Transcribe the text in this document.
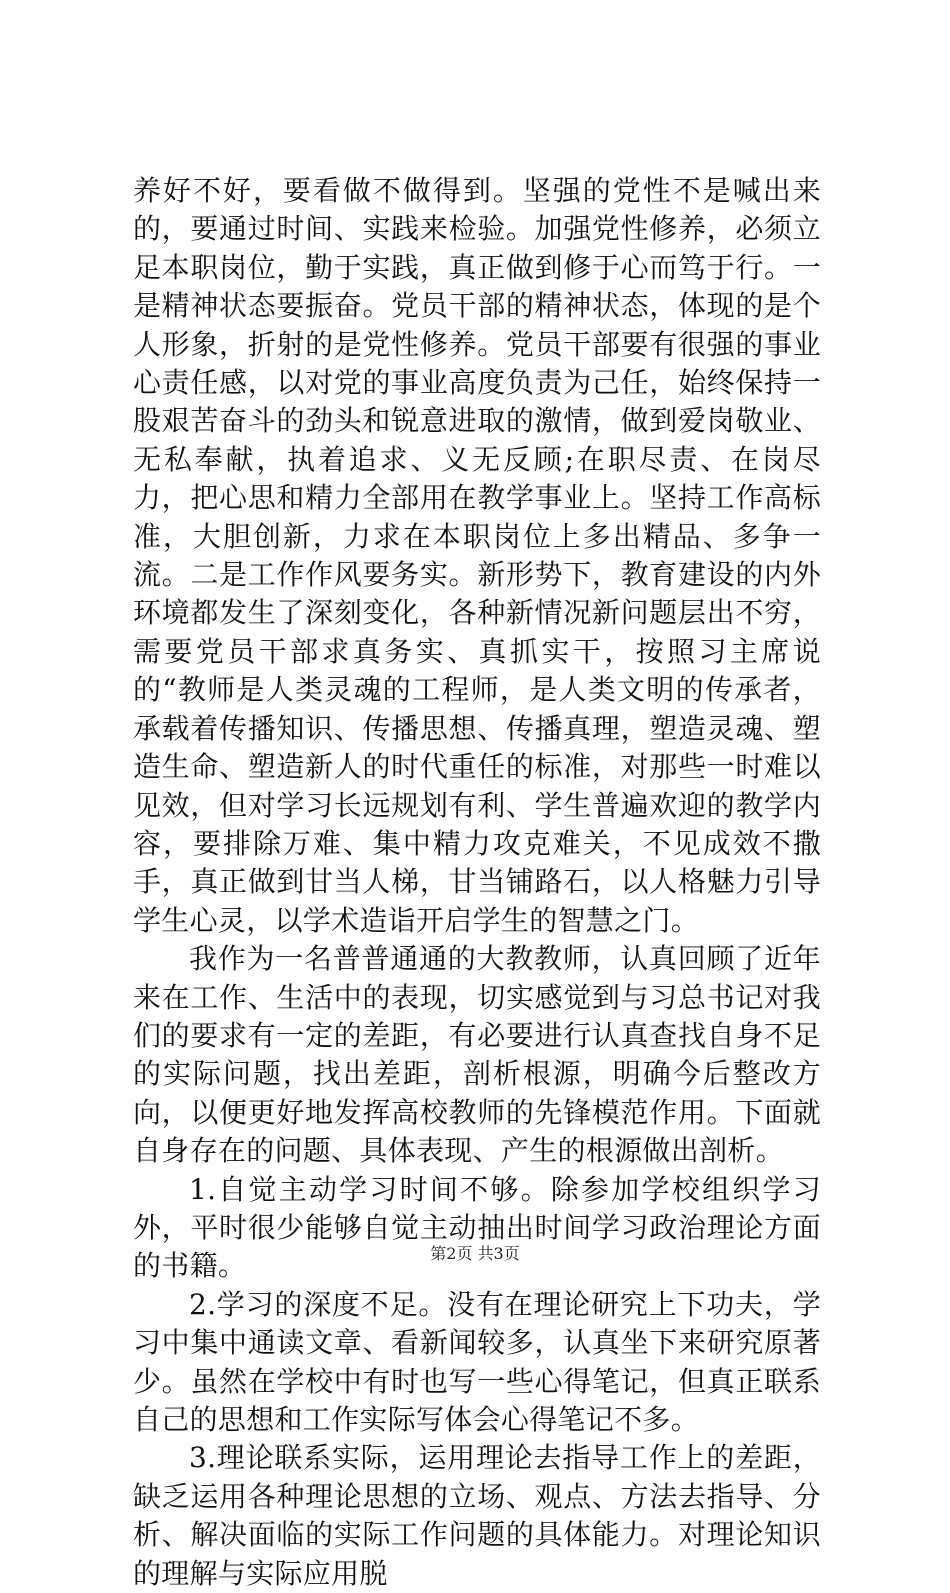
养好不好，要看做不做得到。坚强的党性不是喊出来的，要通过时间、实践来检验。加强党性修养，必须立足本职岗位，勤于实践，真正做到修于心而笃于行。一是精神状态要振奋。党员干部的精神状态，体现的是个人形象，折射的是党性修养。党员干部要有很强的事业心责任感，以对党的事业高度负责为己任，始终保持一股艰苦奋斗的劲头和锐意进取的激情，做到爱岗敬业、无私奉献，执着追求、义无反顾;在职尽责、在岗尽力，把心思和精力全部用在教学事业上。坚持工作高标准，大胆创新，力求在本职岗位上多出精品、多争一流。二是工作作风要务实。新形势下，教育建设的内外环境都发生了深刻变化，各种新情况新问题层出不穷，需要党员干部求真务实、真抓实干，按照习主席说的“教师是人类灵魂的工程师，是人类文明的传承者，承载着传播知识、传播思想、传播真理，塑造灵魂、塑造生命、塑造新人的时代重任的标准，对那些一时难以见效，但对学习长远规划有利、学生普遍欢迎的教学内容，要排除万难、集中精力攻克难关，不见成效不撒手，真正做到甘当人梯，甘当铺路石，以人格魅力引导学生心灵，以学术造诣开启学生的智慧之门。

我作为一名普普通通的大教教师，认真回顾了近年来在工作、生活中的表现，切实感觉到与习总书记对我们的要求有一定的差距，有必要进行认真查找自身不足的实际问题，找出差距，剖析根源，明确今后整改方向，以便更好地发挥高校教师的先锋模范作用。下面就自身存在的问题、具体表现、产生的根源做出剖析。

1.自觉主动学习时间不够。除参加学校组织学习外，平时很少能够自觉主动抽出时间学习政治理论方面的书籍。

2.学习的深度不足。没有在理论研究上下功夫，学习中集中通读文章、看新闻较多，认真坐下来研究原著少。虽然在学校中有时也写一些心得笔记，但真正联系自己的思想和工作实际写体会心得笔记不多。

3.理论联系实际，运用理论去指导工作上的差距，缺乏运用各种理论思想的立场、观点、方法去指导、分析、解决面临的实际工作问题的具体能力。对理论知识的理解与实际应用脱

第2页 共3页
